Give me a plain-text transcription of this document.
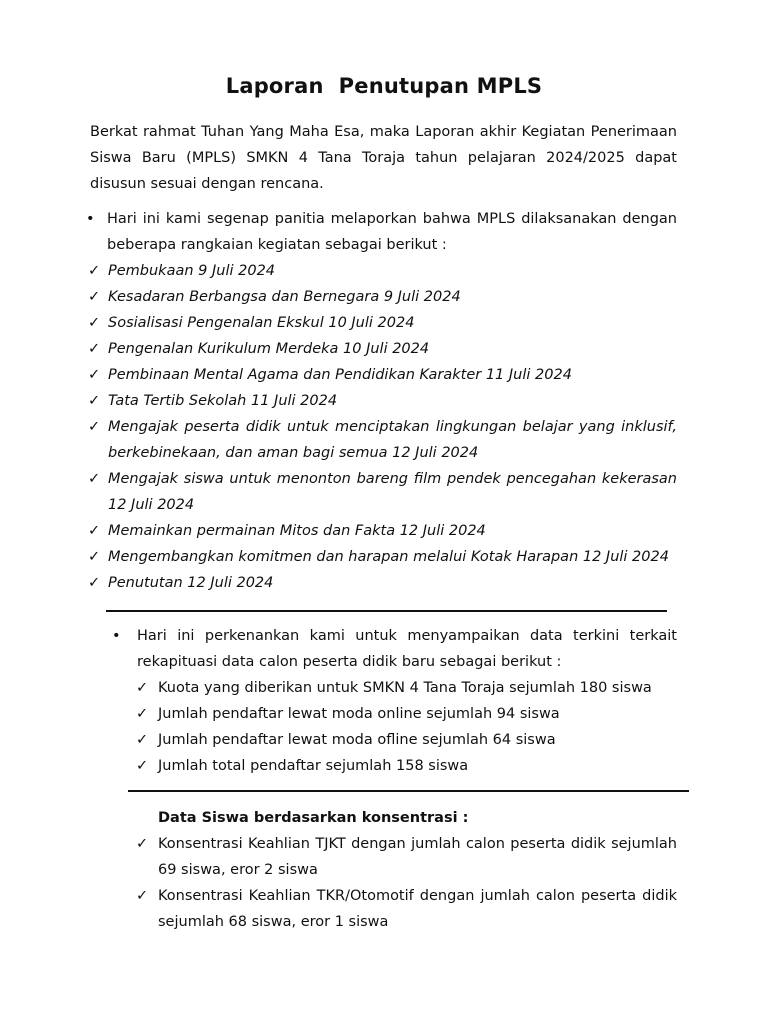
Laporan  Penutupan MPLS
Berkat rahmat Tuhan Yang Maha Esa, maka Laporan akhir Kegiatan Penerimaan Siswa Baru (MPLS) SMKN 4 Tana Toraja tahun pelajaran 2024/2025 dapat disusun sesuai dengan rencana.
• Hari ini kami segenap panitia melaporkan bahwa MPLS dilaksanakan dengan beberapa rangkaian kegiatan sebagai berikut :
✓ Pembukaan 9 Juli 2024
✓ Kesadaran Berbangsa dan Bernegara 9 Juli 2024
✓ Sosialisasi Pengenalan Ekskul 10 Juli 2024
✓ Pengenalan Kurikulum Merdeka 10 Juli 2024
✓ Pembinaan Mental Agama dan Pendidikan Karakter 11 Juli 2024
✓ Tata Tertib Sekolah 11 Juli 2024
✓ Mengajak peserta didik untuk menciptakan lingkungan belajar yang inklusif, berkebinekaan, dan aman bagi semua 12 Juli 2024
✓ Mengajak siswa untuk menonton bareng film pendek pencegahan kekerasan 12 Juli 2024
✓ Memainkan permainan Mitos dan Fakta 12 Juli 2024
✓ Mengembangkan komitmen dan harapan melalui Kotak Harapan 12 Juli 2024
✓ Penututan 12 Juli 2024
•	Hari ini perkenankan kami untuk menyampaikan data terkini terkait rekapituasi data calon peserta didik baru sebagai berikut :
✓ Kuota yang diberikan untuk SMKN 4 Tana Toraja sejumlah 180 siswa
✓ Jumlah pendaftar lewat moda online sejumlah 94 siswa
✓ Jumlah pendaftar lewat moda ofline sejumlah 64 siswa
✓ Jumlah total pendaftar sejumlah 158 siswa
Data Siswa berdasarkan konsentrasi :
✓ Konsentrasi Keahlian TJKT dengan jumlah calon peserta didik sejumlah 69 siswa, eror 2 siswa
✓ Konsentrasi Keahlian TKR/Otomotif dengan jumlah calon peserta didik sejumlah 68 siswa, eror 1 siswa
